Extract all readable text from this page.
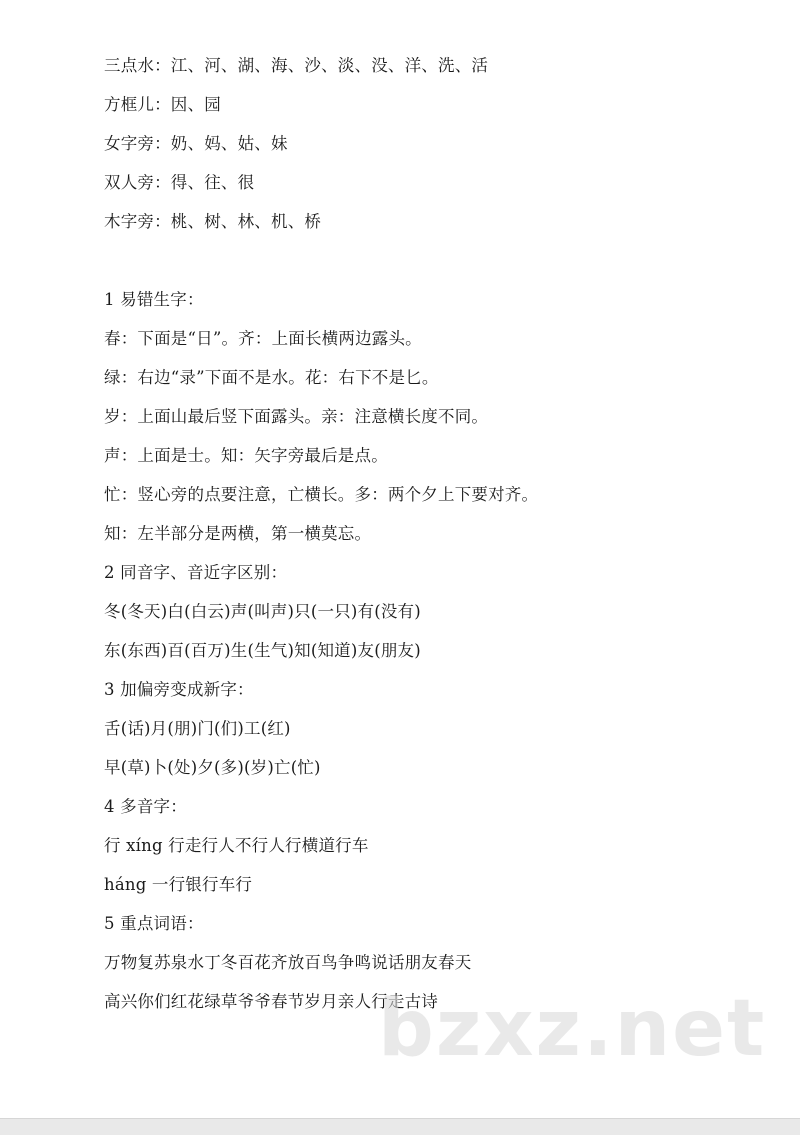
三点水：江、河、湖、海、沙、淡、没、洋、洗、活
方框儿：因、园
女字旁：奶、妈、姑、妹
双人旁：得、往、很
木字旁：桃、树、林、机、桥
1 易错生字：
春：下面是“日”。齐：上面长横两边露头。
绿：右边“录”下面不是水。花：右下不是匕。
岁：上面山最后竖下面露头。亲：注意横长度不同。
声：上面是士。知：矢字旁最后是点。
忙：竖心旁的点要注意，亡横长。多：两个夕上下要对齐。
知：左半部分是两横，第一横莫忘。
2 同音字、音近字区别：
冬(冬天)白(白云)声(叫声)只(一只)有(没有)
东(东西)百(百万)生(生气)知(知道)友(朋友)
3 加偏旁变成新字：
舌(话)月(朋)门(们)工(红)
早(草)卜(处)夕(多)(岁)亡(忙)
4 多音字：
行 xíng 行走行人不行人行横道行车
háng 一行银行车行
5 重点词语：
万物复苏泉水丁冬百花齐放百鸟争鸣说话朋友春天
高兴你们红花绿草爷爷春节岁月亲人行走古诗
bzxz.net
